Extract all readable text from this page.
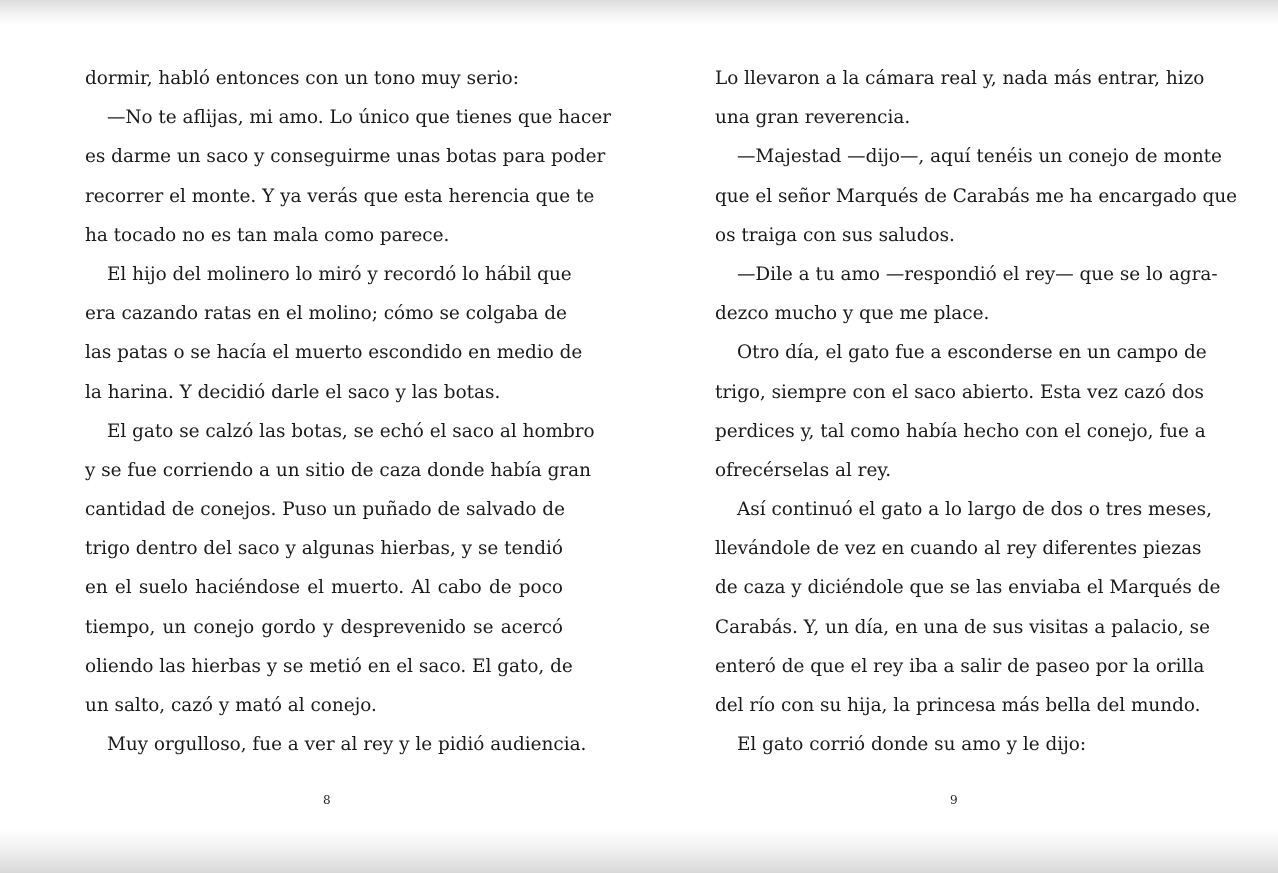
dormir, habló entonces con un tono muy serio:
—No te aflijas, mi amo. Lo único que tienes que hacer
es darme un saco y conseguirme unas botas para poder
recorrer el monte. Y ya verás que esta herencia que te
ha tocado no es tan mala como parece.
El hijo del molinero lo miró y recordó lo hábil que
era cazando ratas en el molino; cómo se colgaba de
las patas o se hacía el muerto escondido en medio de
la harina. Y decidió darle el saco y las botas.
El gato se calzó las botas, se echó el saco al hombro
y se fue corriendo a un sitio de caza donde había gran
cantidad de conejos. Puso un puñado de salvado de
trigo dentro del saco y algunas hierbas, y se tendió
en el suelo haciéndose el muerto. Al cabo de poco
tiempo, un conejo gordo y desprevenido se acercó
oliendo las hierbas y se metió en el saco. El gato, de
un salto, cazó y mató al conejo.
Muy orgulloso, fue a ver al rey y le pidió audiencia.
8
Lo llevaron a la cámara real y, nada más entrar, hizo
una gran reverencia.
—Majestad —dijo—, aquí tenéis un conejo de monte
que el señor Marqués de Carabás me ha encargado que
os traiga con sus saludos.
—Dile a tu amo —respondió el rey— que se lo agra-
dezco mucho y que me place.
Otro día, el gato fue a esconderse en un campo de
trigo, siempre con el saco abierto. Esta vez cazó dos
perdices y, tal como había hecho con el conejo, fue a
ofrecérselas al rey.
Así continuó el gato a lo largo de dos o tres meses,
llevándole de vez en cuando al rey diferentes piezas
de caza y diciéndole que se las enviaba el Marqués de
Carabás. Y, un día, en una de sus visitas a palacio, se
enteró de que el rey iba a salir de paseo por la orilla
del río con su hija, la princesa más bella del mundo.
El gato corrió donde su amo y le dijo:
9
